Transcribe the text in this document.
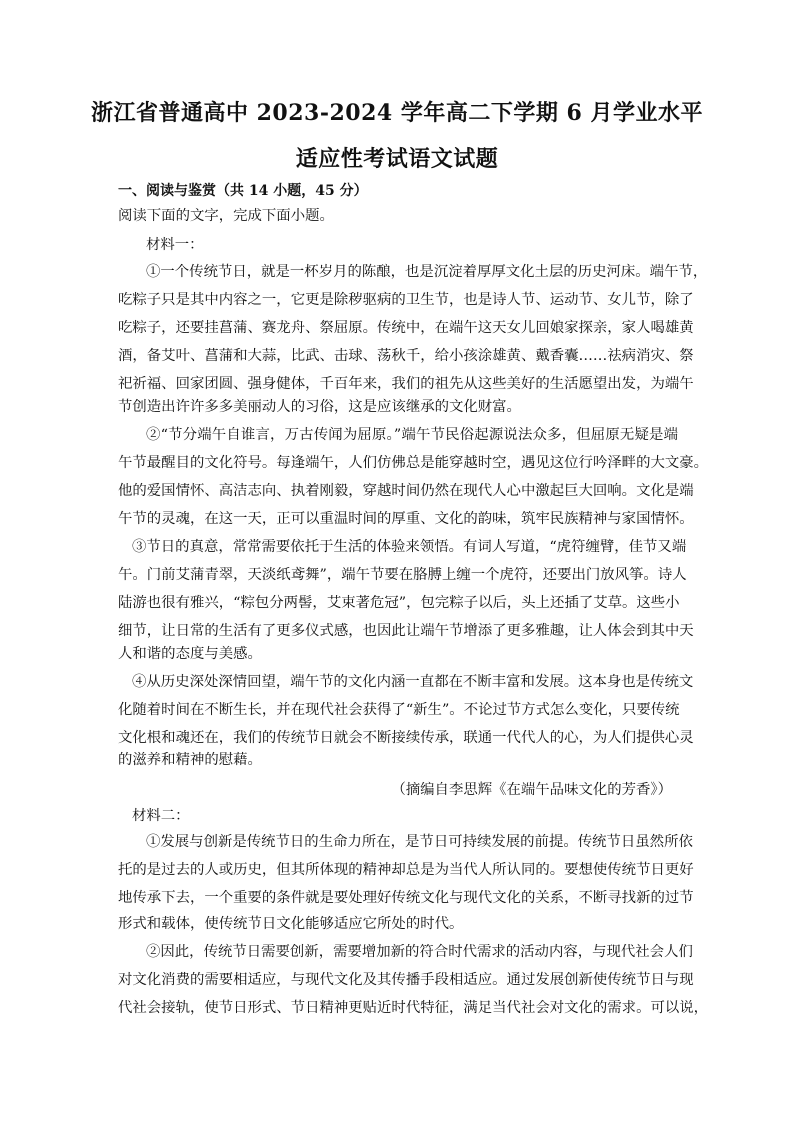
浙江省普通高中 2023-2024 学年高二下学期 6 月学业水平
适应性考试语文试题
一、阅读与鉴赏（共 14 小题，45 分）
阅读下面的文字，完成下面小题。
材料一：
①一个传统节日，就是一杯岁月的陈酿，也是沉淀着厚厚文化土层的历史河床。端午节，
吃粽子只是其中内容之一，它更是除秽驱病的卫生节，也是诗人节、运动节、女儿节，除了
吃粽子，还要挂菖蒲、赛龙舟、祭屈原。传统中，在端午这天女儿回娘家探亲，家人喝雄黄
酒，备艾叶、菖蒲和大蒜，比武、击球、荡秋千，给小孩涂雄黄、戴香囊……祛病消灾、祭
祀祈福、回家团圆、强身健体，千百年来，我们的祖先从这些美好的生活愿望出发，为端午
节创造出许许多多美丽动人的习俗，这是应该继承的文化财富。
②“节分端午自谁言，万古传闻为屈原。”端午节民俗起源说法众多，但屈原无疑是端
午节最醒目的文化符号。每逢端午，人们仿佛总是能穿越时空，遇见这位行吟泽畔的大文豪。
他的爱国情怀、高洁志向、执着刚毅，穿越时间仍然在现代人心中激起巨大回响。文化是端
午节的灵魂，在这一天，正可以重温时间的厚重、文化的韵味，筑牢民族精神与家国情怀。
③节日的真意，常常需要依托于生活的体验来领悟。有词人写道，“虎符缠臂，佳节又端
午。门前艾蒲青翠，天淡纸鸢舞”，端午节要在胳膊上缠一个虎符，还要出门放风筝。诗人
陆游也很有雅兴，“粽包分两髻，艾束著危冠”，包完粽子以后，头上还插了艾草。这些小
细节，让日常的生活有了更多仪式感，也因此让端午节增添了更多雅趣，让人体会到其中天
人和谐的态度与美感。
④从历史深处深情回望，端午节的文化内涵一直都在不断丰富和发展。这本身也是传统文
化随着时间在不断生长，并在现代社会获得了“新生”。不论过节方式怎么变化，只要传统
文化根和魂还在，我们的传统节日就会不断接续传承，联通一代代人的心，为人们提供心灵
的滋养和精神的慰藉。
（摘编自李思辉《在端午品味文化的芳香》）
材料二：
①发展与创新是传统节日的生命力所在，是节日可持续发展的前提。传统节日虽然所依
托的是过去的人或历史，但其所体现的精神却总是为当代人所认同的。要想使传统节日更好
地传承下去，一个重要的条件就是要处理好传统文化与现代文化的关系，不断寻找新的过节
形式和载体，使传统节日文化能够适应它所处的时代。
②因此，传统节日需要创新，需要增加新的符合时代需求的活动内容，与现代社会人们
对文化消费的需要相适应，与现代文化及其传播手段相适应。通过发展创新使传统节日与现
代社会接轨，使节日形式、节日精神更贴近时代特征，满足当代社会对文化的需求。可以说，
